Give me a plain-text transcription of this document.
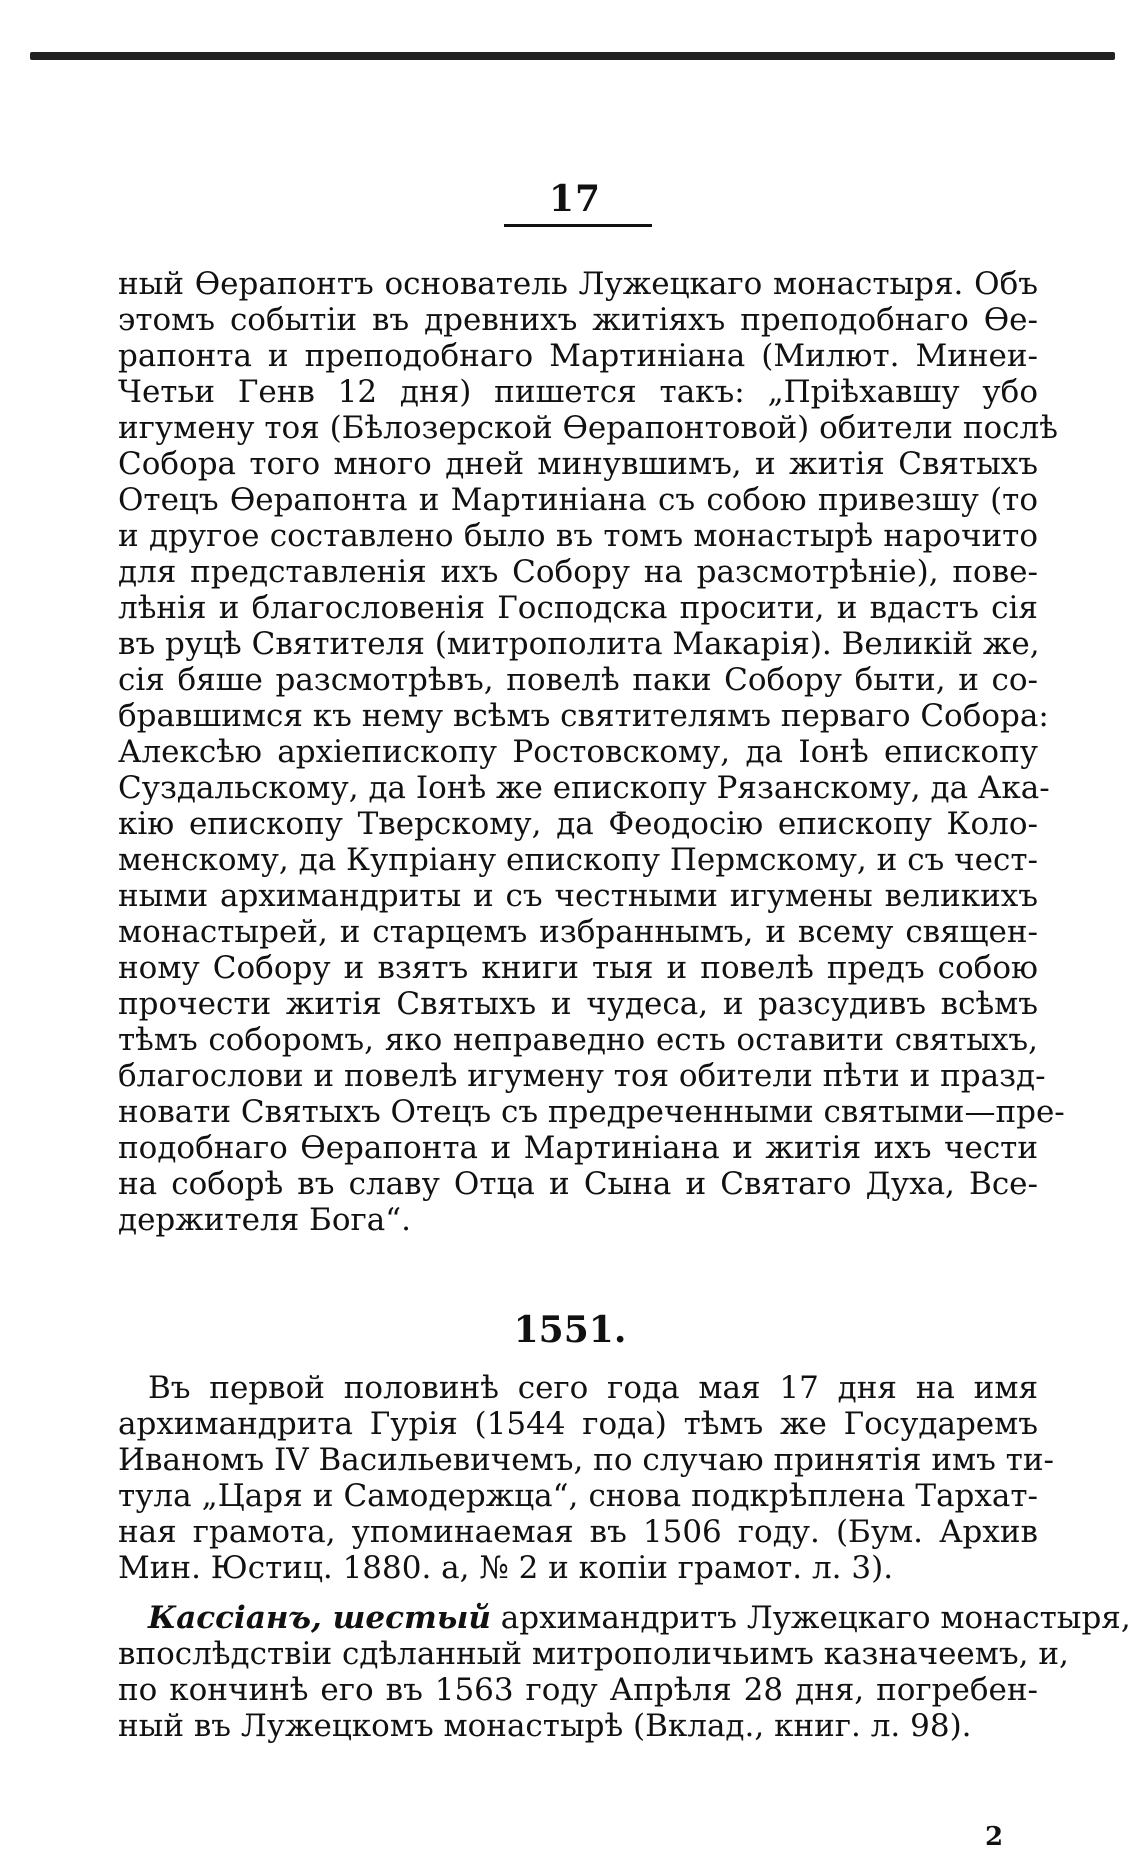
17
ный Ѳерапонтъ основатель Лужецкаго монастыря. Объ
этомъ событіи въ древнихъ житіяхъ преподобнаго Ѳе-
рапонта и преподобнаго Мартиніана (Милют. Минеи-
Четьи Генв 12 дня) пишется такъ: „Пріѣхавшу убо
игумену тоя (Бѣлозерской Ѳерапонтовой) обители послѣ
Собора того много дней минувшимъ, и житія Святыхъ
Отецъ Ѳерапонта и Мартиніана съ собою привезшу (то
и другое составлено было въ томъ монастырѣ нарочито
для представленія ихъ Собору на разсмотрѣніе), пове-
лѣнія и благословенія Господска просити, и вдастъ сія
въ руцѣ Святителя (митрополита Макарія). Великій же,
сія бяше разсмотрѣвъ, повелѣ паки Собору быти, и со-
бравшимся къ нему всѣмъ святителямъ перваго Собора:
Алексѣю архіепископу Ростовскому, да Іонѣ епископу
Суздальскому, да Іонѣ же епископу Рязанскому, да Ака-
кію епископу Тверскому, да Феодосію епископу Коло-
менскому, да Купріану епископу Пермскому, и съ чест-
ными архимандриты и съ честными игумены великихъ
монастырей, и старцемъ избраннымъ, и всему священ-
ному Собору и взятъ книги тыя и повелѣ предъ собою
прочести житія Святыхъ и чудеса, и разсудивъ всѣмъ
тѣмъ соборомъ, яко неправедно есть оставити святыхъ,
благослови и повелѣ игумену тоя обители пѣти и празд-
новати Святыхъ Отецъ съ предреченными святыми—пре-
подобнаго Ѳерапонта и Мартиніана и житія ихъ чести
на соборѣ въ славу Отца и Сына и Святаго Духа, Все-
держителя Бога“.
1551.
Въ первой половинѣ сего года мая 17 дня на имя
архимандрита Гурія (1544 года) тѣмъ же Государемъ
Иваномъ IV Васильевичемъ, по случаю принятія имъ ти-
тула „Царя и Самодержца“, снова подкрѣплена Тархат-
ная грамота, упоминаемая въ 1506 году. (Бум. Архив
Мин. Юстиц. 1880. а, № 2 и копіи грамот. л. 3).
Кассіанъ, шестый архимандритъ Лужецкаго монастыря,
впослѣдствіи сдѣланный митрополичьимъ казначеемъ, и,
по кончинѣ его въ 1563 году Апрѣля 28 дня, погребен-
ный въ Лужецкомъ монастырѣ (Вклад., книг. л. 98).
2
